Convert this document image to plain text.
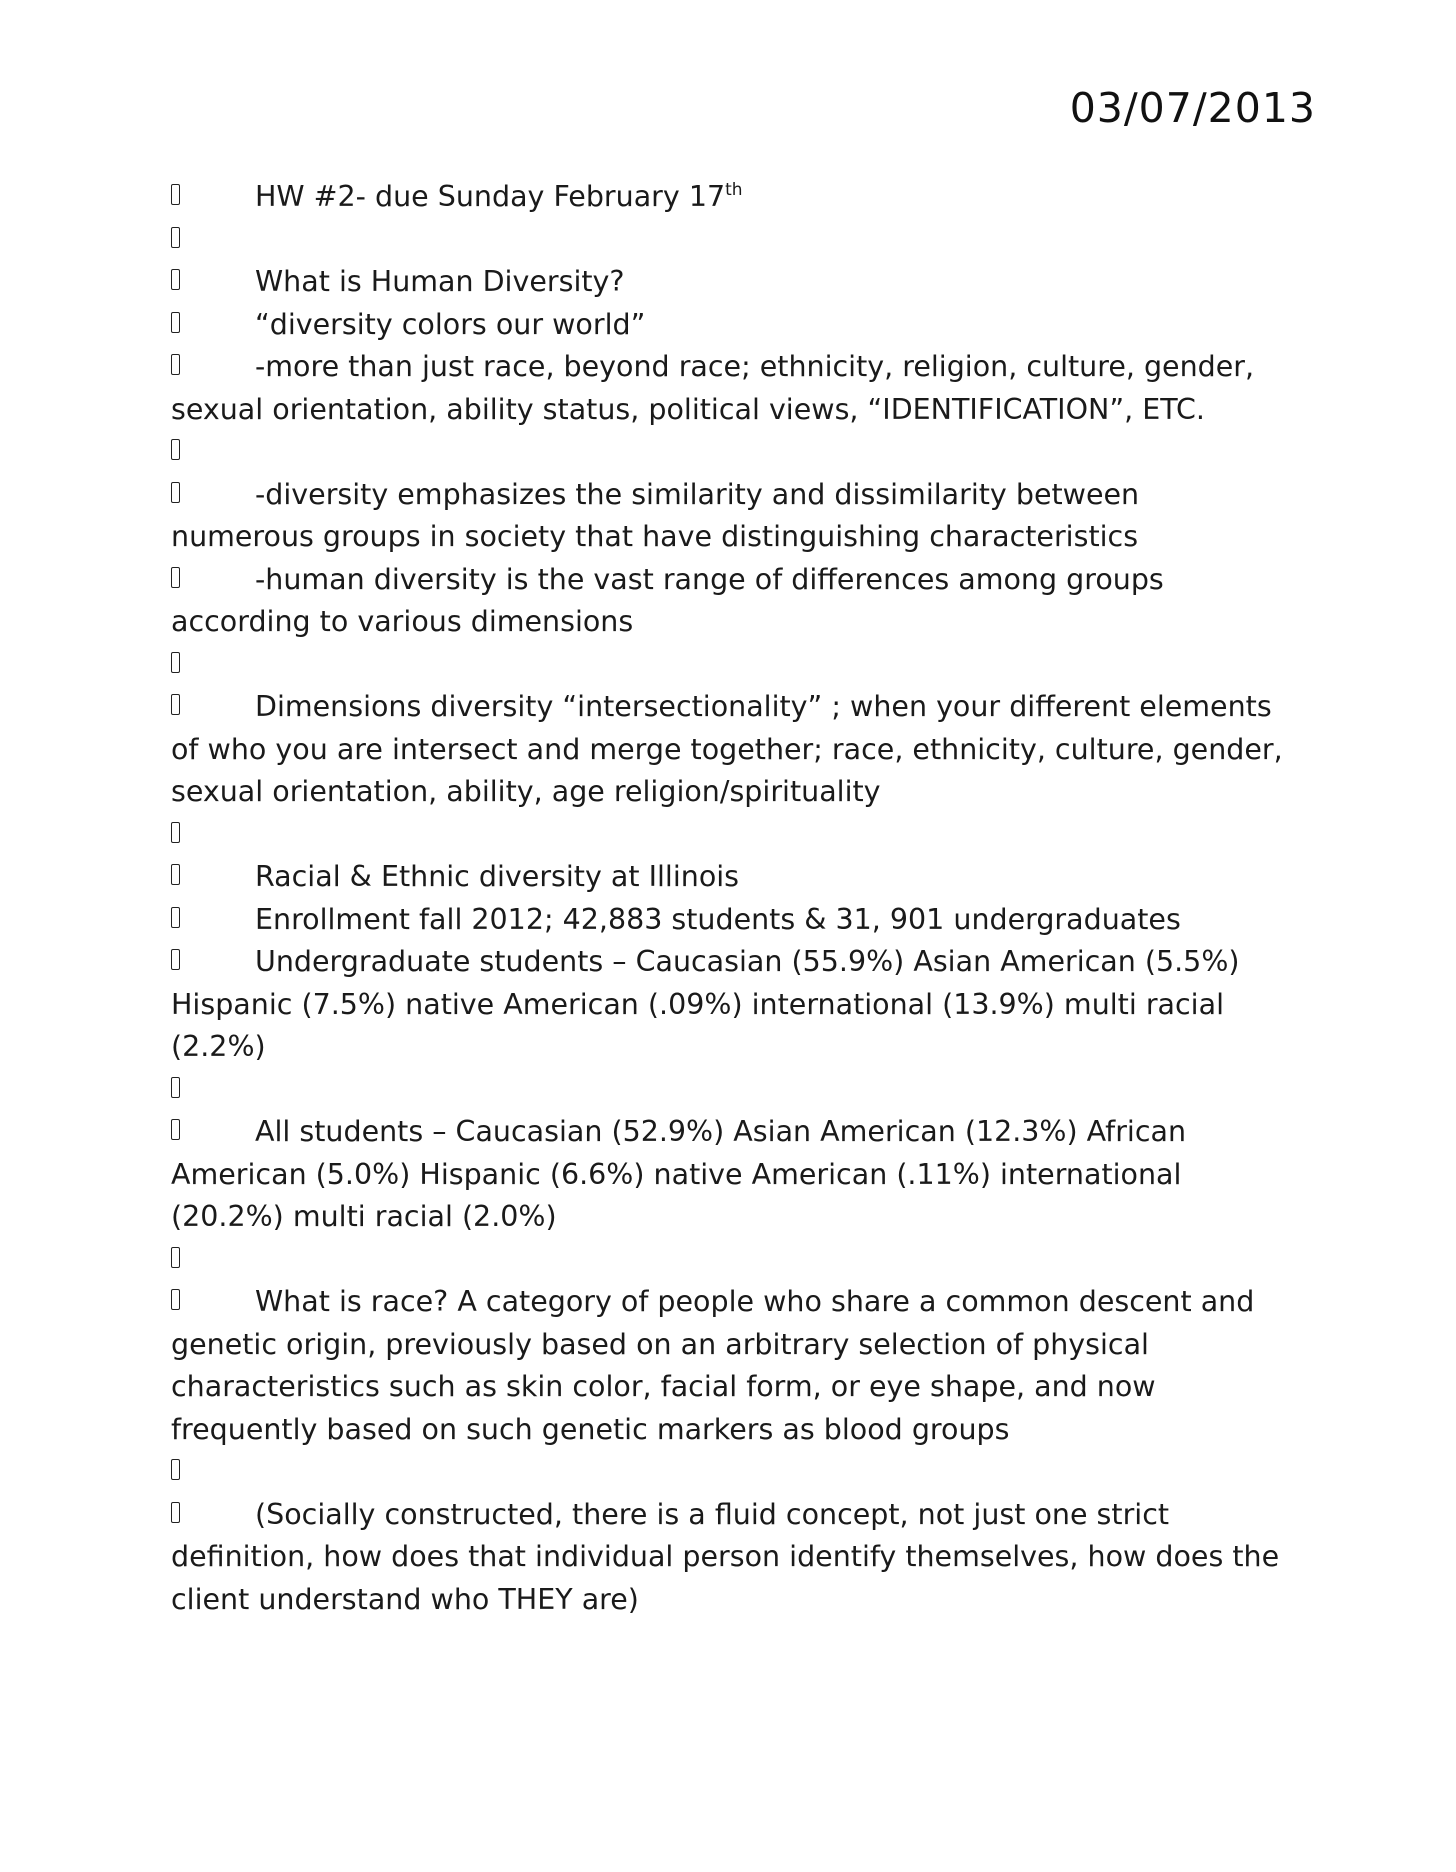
03/07/2013
HW #2- due Sunday February 17th
What is Human Diversity?
“diversity colors our world”
-more than just race, beyond race; ethnicity, religion, culture, gender,
sexual orientation, ability status, political views, “IDENTIFICATION”, ETC.
-diversity emphasizes the similarity and dissimilarity between
numerous groups in society that have distinguishing characteristics
-human diversity is the vast range of differences among groups
according to various dimensions
Dimensions diversity “intersectionality” ; when your different elements
of who you are intersect and merge together; race, ethnicity, culture, gender, sexual orientation, ability, age religion/spirituality
Racial & Ethnic diversity at Illinois
Enrollment fall 2012; 42,883 students & 31, 901 undergraduates
Undergraduate students – Caucasian (55.9%) Asian American (5.5%)
Hispanic (7.5%) native American (.09%) international (13.9%) multi racial (2.2%)
All students – Caucasian (52.9%) Asian American (12.3%) African
American (5.0%) Hispanic (6.6%) native American (.11%) international (20.2%) multi racial (2.0%)
What is race? A category of people who share a common descent and
genetic origin, previously based on an arbitrary selection of physical characteristics such as skin color, facial form, or eye shape, and now frequently based on such genetic markers as blood groups
(Socially constructed, there is a fluid concept, not just one strict
definition, how does that individual person identify themselves, how does the client understand who THEY are)
